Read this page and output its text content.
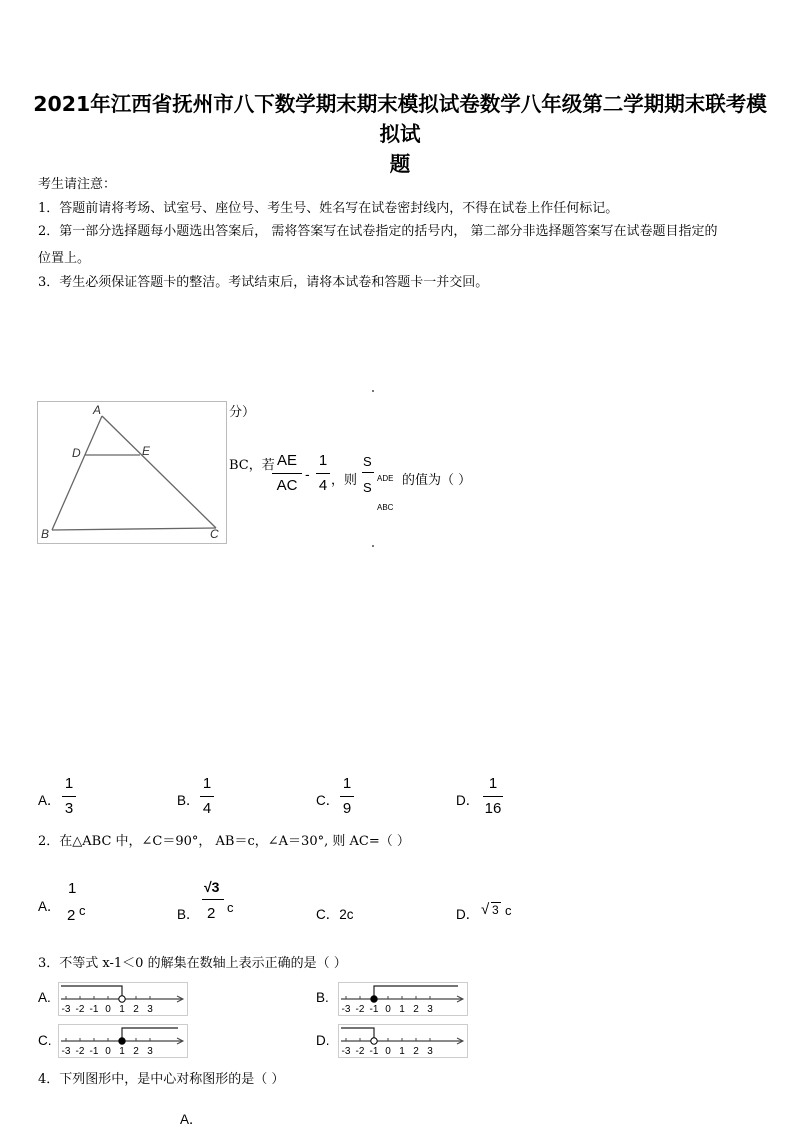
2021年江西省抚州市八下数学期末期末模拟试卷数学八年级第二学期期末联考模拟试
题
考生请注意：
1．答题前请将考场、试室号、座位号、考生号、姓名写在试卷密封线内，不得在试卷上作任何标记。
2．第一部分选择题每小题选出答案后， 需将答案写在试卷指定的括号内， 第二部分非选择题答案写在试卷题目指定的
位置上。
3．考生必须保证答题卡的整洁。考试结束后，请将本试卷和答题卡一并交回。
A
D	E
B	C
分）
BC，若 AE
AC
-
1
4 ，则
S
S
ADE
ABC
的值为（ ）
A．
1
3	B．
1
4	C．
1
9	D．
1
16
2．在△ABC 中，∠C＝90°， AB＝c，∠A＝30°, 则 AC=（ ）
A．
1
2 c	B．
√3
2 c	C．2c	D． √ 3 c
3．不等式 x-1＜0 的解集在数轴上表示正确的是（ ）
A.
-3 -2 -1 0 1 2 3
B.
-3 -2 -1 0 1 2 3
C.
-3 -2 -1 0 1 2 3
D.
-3 -2 -1 0 1 2 3
4．下列图形中，是中心对称图形的是（ ）
A．
